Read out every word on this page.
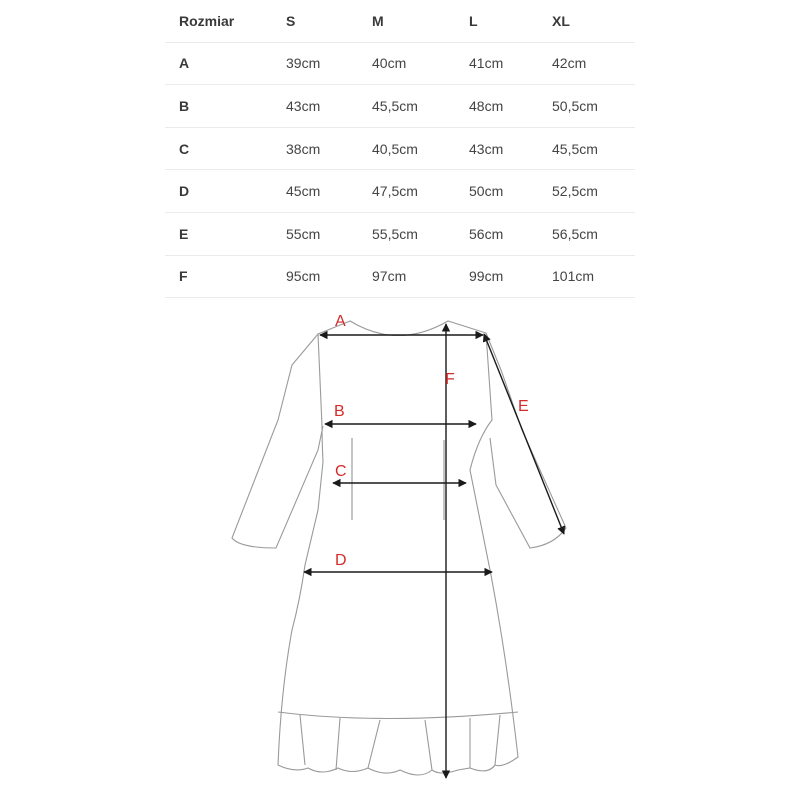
Rozmiar	S	M	L	XL
A	39cm	40cm	41cm	42cm
B	43cm	45,5cm	48cm	50,5cm
C	38cm	40,5cm	43cm	45,5cm
D	45cm	47,5cm	50cm	52,5cm
E	55cm	55,5cm	56cm	56,5cm
F	95cm	97cm	99cm	101cm
A
B
C
D
E
F
